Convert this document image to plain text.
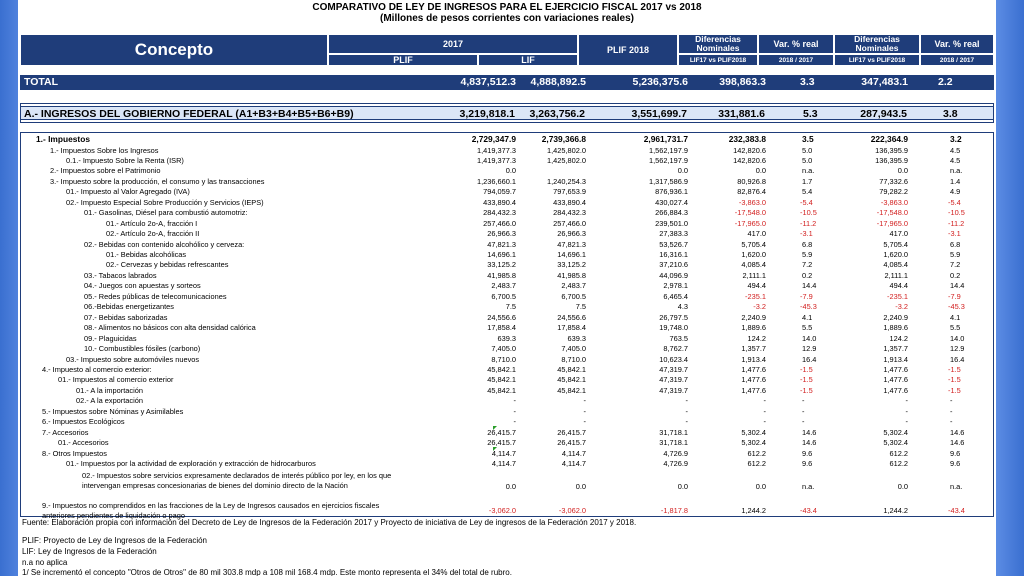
COMPARATIVO DE LEY DE INGRESOS PARA EL EJERCICIO FISCAL 2017 vs 2018
(Millones de pesos corrientes con variaciones reales)
Concepto	2017
PLIF	LIF
PLIF 2018
Diferencias Nominales	Var. % real	Diferencias Nominales	Var. % real
LIF17 vs PLIF2018	2018 / 2017	LIF17 vs PLIF2018	2018 / 2017
TOTAL	4,837,512.3 4,888,892.5	5,236,375.6	398,863.3	3.3	347,483.1	2.2
A.- INGRESOS DEL GOBIERNO FEDERAL (A1+B3+B4+B5+B6+B9)	3,219,818.1 3,263,756.2	3,551,699.7	331,881.6	5.3	287,943.5	3.8
1.- Impuestos	2,729,347.9	2,739,366.8	2,961,731.7	232,383.8	3.5	222,364.9	3.2
1.- Impuestos Sobre los Ingresos	1,419,377.3	1,425,802.0	1,562,197.9	142,820.6	5.0	136,395.9	4.5
0.1.- Impuesto Sobre la Renta (ISR)	1,419,377.3	1,425,802.0	1,562,197.9	142,820.6	5.0	136,395.9	4.5
2.- Impuestos sobre el Patrimonio	0.0	0.0	0.0	n.a.	0.0	n.a.
3.- Impuesto sobre la producción, el consumo y las transacciones	1,236,660.1	1,240,254.3	1,317,586.9	80,926.8	1.7	77,332.6	1.4
01.- Impuesto al Valor Agregado (IVA)	794,059.7	797,653.9	876,936.1	82,876.4	5.4	79,282.2	4.9
02.- Impuesto Especial Sobre Producción y Servicios (IEPS)	433,890.4	433,890.4	430,027.4	-3,863.0	-5.4	-3,863.0	-5.4
01.- Gasolinas, Diésel para combustió automotriz:	284,432.3	284,432.3	266,884.3	-17,548.0	-10.5	-17,548.0	-10.5
01.- Artículo 2o-A, fracción I	257,466.0	257,466.0	239,501.0	-17,965.0	-11.2	-17,965.0	-11.2
02.- Artículo 2o-A, fracción II	26,966.3	26,966.3	27,383.3	417.0	-3.1	417.0	-3.1
02.- Bebidas con contenido alcohólico y cerveza:	47,821.3	47,821.3	53,526.7	5,705.4	6.8	5,705.4	6.8
01.- Bebidas alcohólicas	14,696.1	14,696.1	16,316.1	1,620.0	5.9	1,620.0	5.9
02.- Cervezas y bebidas refrescantes	33,125.2	33,125.2	37,210.6	4,085.4	7.2	4,085.4	7.2
03.- Tabacos labrados	41,985.8	41,985.8	44,096.9	2,111.1	0.2	2,111.1	0.2
04.- Juegos con apuestas y sorteos	2,483.7	2,483.7	2,978.1	494.4	14.4	494.4	14.4
05.- Redes públicas de telecomunicaciones	6,700.5	6,700.5	6,465.4	-235.1	-7.9	-235.1	-7.9
06.-Bebidas energetizantes	7.5	7.5	4.3	-3.2	-45.3	-3.2	-45.3
07.- Bebidas saborizadas	24,556.6	24,556.6	26,797.5	2,240.9	4.1	2,240.9	4.1
08.- Alimentos no básicos con alta densidad calórica	17,858.4	17,858.4	19,748.0	1,889.6	5.5	1,889.6	5.5
09.- Plaguicidas	639.3	639.3	763.5	124.2	14.0	124.2	14.0
10.- Combustibles fósiles (carbono)	7,405.0	7,405.0	8,762.7	1,357.7	12.9	1,357.7	12.9
03.- Impuesto sobre automóviles nuevos	8,710.0	8,710.0	10,623.4	1,913.4	16.4	1,913.4	16.4
4.- Impuesto al comercio exterior:	45,842.1	45,842.1	47,319.7	1,477.6	-1.5	1,477.6	-1.5
01.- Impuestos al comercio exterior	45,842.1	45,842.1	47,319.7	1,477.6	-1.5	1,477.6	-1.5
01.- A la importación	45,842.1	45,842.1	47,319.7	1,477.6	-1.5	1,477.6	-1.5
02.- A la exportación	-	-	-	-	-	-	-
5.- Impuestos sobre Nóminas y Asimilables	-	-	-	-	-	-	-
6.- Impuestos Ecológicos	-	-	-	-	-	-	-
7.- Accesorios	26,415.7	26,415.7	31,718.1	5,302.4	14.6	5,302.4	14.6
01.- Accesorios	26,415.7	26,415.7	31,718.1	5,302.4	14.6	5,302.4	14.6
8.- Otros Impuestos	4,114.7	4,114.7	4,726.9	612.2	9.6	612.2	9.6
01.- Impuestos por la actividad de exploración y extracción de hidrocarburos	4,114.7	4,114.7	4,726.9	612.2	9.6	612.2	9.6
02.- Impuestos sobre servicios expresamente declarados de interés público por ley, en los que intervengan empresas concesionarias de bienes del dominio directo de la Nación	0.0	0.0	0.0	0.0	n.a.	0.0	n.a.
9.- Impuestos no comprendidos en las fracciones de la Ley de Ingresos causados en ejercicios fiscales anteriores pendientes de liquidación o pago	-3,062.0	-3,062.0	-1,817.8	1,244.2	-43.4	1,244.2	-43.4
Fuente: Elaboración propia con información del Decreto de Ley de Ingresos de la Federación 2017 y Proyecto de iniciativa de Ley de ingresos de la Federación 2017 y 2018.
PLIF: Proyecto de Ley de Ingresos de la Federación
LIF: Ley de Ingresos de la Federación
n.a no aplica
1/ Se incrementó el concepto "Otros de Otros" de 80 mil 303.8 mdp a 108 mil 168.4 mdp. Este monto representa el 34% del total de rubro.
